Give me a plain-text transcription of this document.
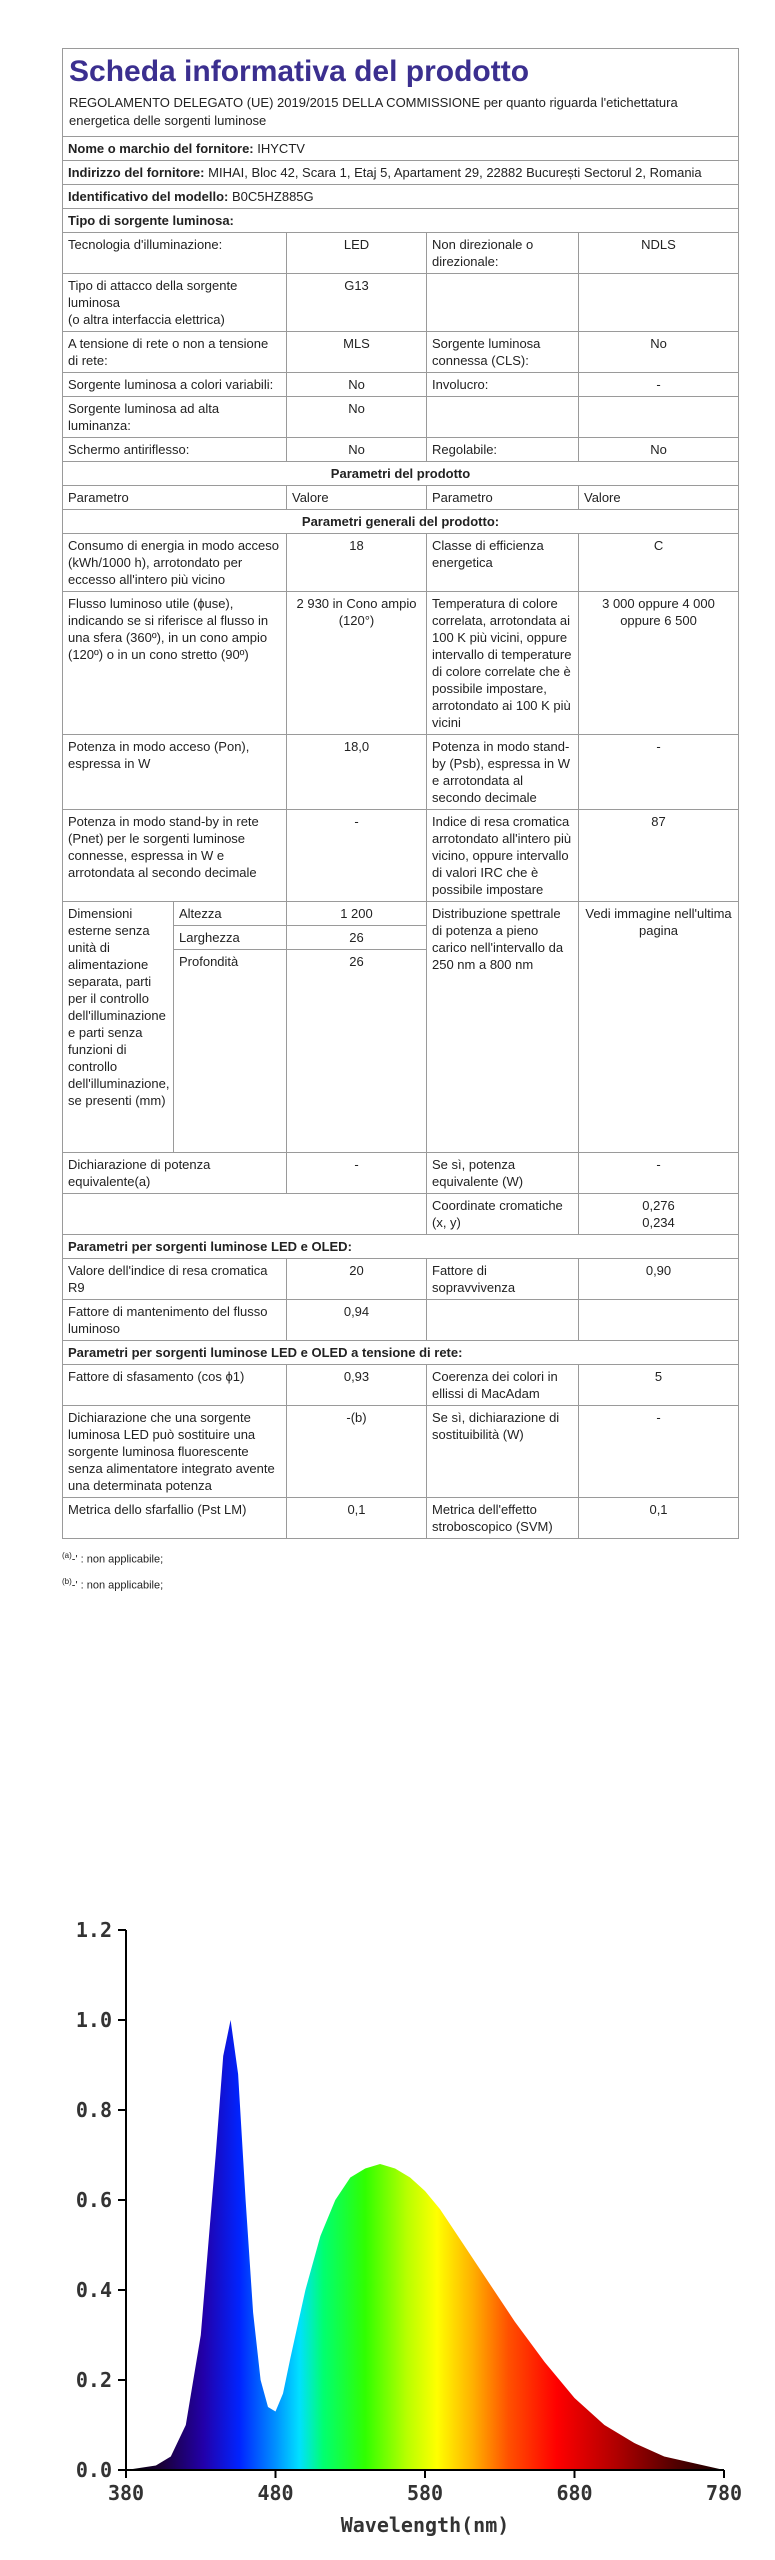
Scheda informativa del prodotto
REGOLAMENTO DELEGATO (UE) 2019/2015 DELLA COMMISSIONE per quanto riguarda l'etichettatura energetica delle sorgenti luminose				

Nome o marchio del fornitore: IHYCTV				
Indirizzo del fornitore: MIHAI, Bloc 42, Scara 1, Etaj 5, Apartament 29, 22882 București Sectorul 2, Romania				
Identificativo del modello: B0C5HZ885G				
Tipo di sorgente luminosa:				
Tecnologia d'illuminazione:		LED	Non direzionale o direzionale:	NDLS
Tipo di attacco della sorgente luminosa
(o altra interfaccia elettrica)		G13		
A tensione di rete o non a tensione di rete:		MLS	Sorgente luminosa connessa (CLS):	No
Sorgente luminosa a colori variabili:		No	Involucro:	-
Sorgente luminosa ad alta luminanza:		No		
Schermo antiriflesso:		No	Regolabile:	No
Parametri del prodotto				
Parametro		Valore	Parametro	Valore
Parametri generali del prodotto:				
Consumo di energia in modo acceso (kWh/1000 h), arrotondato per eccesso all'intero più vicino		18	Classe di efficienza energetica	C
Flusso luminoso utile (ɸuse), indicando se si riferisce al flusso in una sfera (360º), in un cono ampio (120º) o in un cono stretto (90º)		2 930 in Cono ampio (120°)	Temperatura di colore correlata, arrotondata ai 100 K più vicini, oppure intervallo di temperature di colore correlate che è possibile impostare, arrotondato ai 100 K più vicini	3 000 oppure 4 000 oppure 6 500
Potenza in modo acceso (Pon), espressa in W		18,0	Potenza in modo stand-by (Psb), espressa in W e arrotondata al secondo decimale	-
Potenza in modo stand-by in rete (Pnet) per le sorgenti luminose connesse, espressa in W e arrotondata al secondo decimale		-	Indice di resa cromatica arrotondato all'intero più vicino, oppure intervallo di valori IRC che è possibile impostare	87
Dimensioni esterne senza unità di alimentazione separata, parti per il controllo dell'illuminazione e parti senza funzioni di controllo dell'illuminazione, se presenti (mm)	Altezza	1 200	Distribuzione spettrale di potenza a pieno carico nell'intervallo da 250 nm a 800 nm	Vedi immagine nell'ultima pagina
	Larghezza	26		
	Profondità	26		
Dichiarazione di potenza equivalente(a)		-	Se sì, potenza equivalente (W)	-
			Coordinate cromatiche (x, y)	0,276
0,234

Parametri per sorgenti luminose LED e OLED:				
Valore dell'indice di resa cromatica R9		20	Fattore di sopravvivenza	0,90
Fattore di mantenimento del flusso luminoso		0,94		
Parametri per sorgenti luminose LED e OLED a tensione di rete:				
Fattore di sfasamento (cos ϕ1)		0,93	Coerenza dei colori in ellissi di MacAdam	5
Dichiarazione che una sorgente luminosa LED può sostituire una sorgente luminosa fluorescente senza alimentatore integrato avente una determinata potenza		-(b)	Se sì, dichiarazione di sostituibilità (W)	-
Metrica dello sfarfallio (Pst LM)		0,1	Metrica dell'effetto stroboscopico (SVM)	0,1
$^{(a)}$-' : non applicabile;
$^{(b)}$-' : non applicabile;
0.0
0.2
0.4
0.6
0.8
1.0
1.2
380	480	580	680	780
Wavelength(nm)
